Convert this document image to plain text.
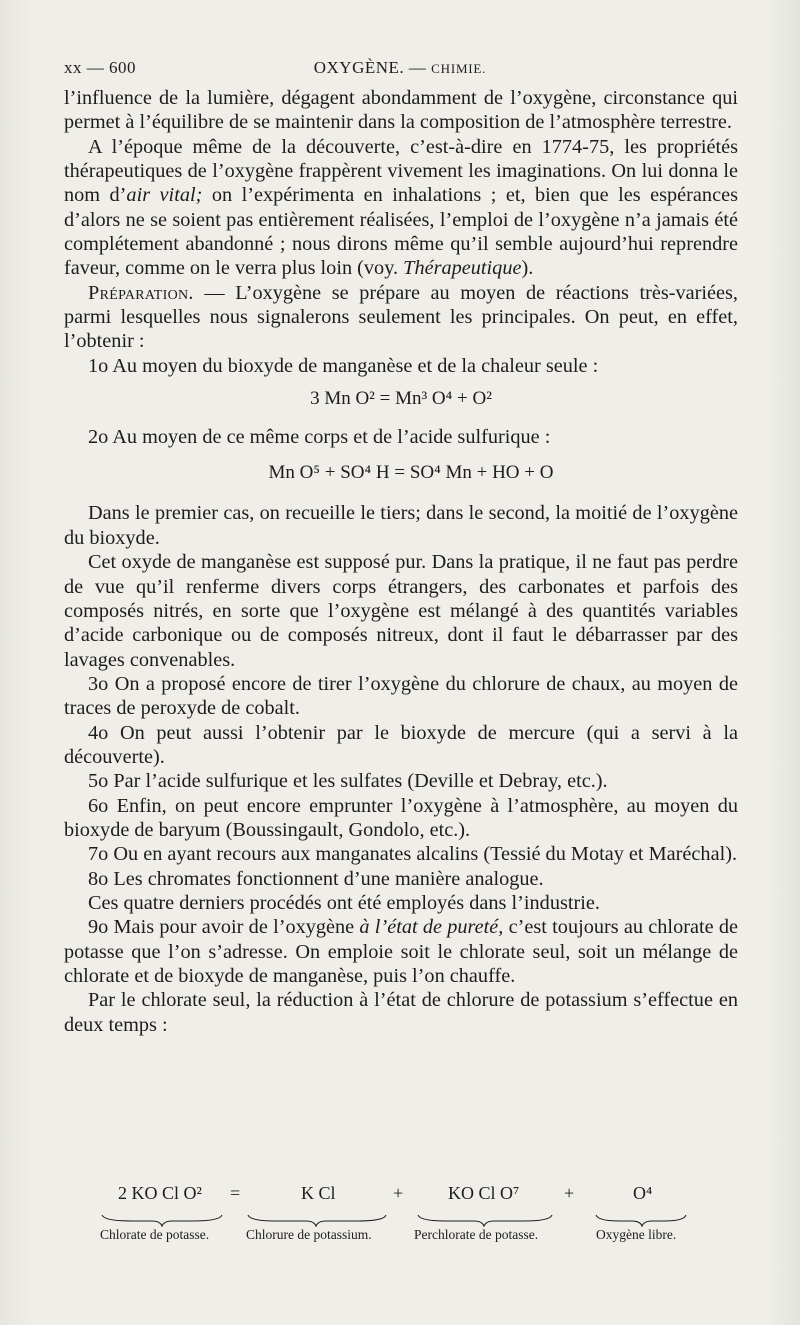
xx — 600	OXYGÈNE. — CHIMIE.

l’influence de la lumière, dégagent abondamment de l’oxygène, circonstance qui permet à l’équilibre de se maintenir dans la composition de l’atmosphère terrestre.

A l’époque même de la découverte, c’est-à-dire en 1774-75, les propriétés thérapeutiques de l’oxygène frappèrent vivement les imaginations. On lui donna le nom d’air vital; on l’expérimenta en inhalations ; et, bien que les espérances d’alors ne se soient pas entièrement réalisées, l’emploi de l’oxygène n’a jamais été complétement abandonné ; nous dirons même qu’il semble aujourd’hui reprendre faveur, comme on le verra plus loin (voy. Thérapeutique).

Préparation. — L’oxygène se prépare au moyen de réactions très-variées, parmi lesquelles nous signalerons seulement les principales. On peut, en effet, l’obtenir :

1o Au moyen du bioxyde de manganèse et de la chaleur seule :

3 Mn O² = Mn³ O⁴ + O²

2o Au moyen de ce même corps et de l’acide sulfurique :

Mn O⁵ + SO⁴ H = SO⁴ Mn + HO + O

Dans le premier cas, on recueille le tiers; dans le second, la moitié de l’oxygène du bioxyde.

Cet oxyde de manganèse est supposé pur. Dans la pratique, il ne faut pas perdre de vue qu’il renferme divers corps étrangers, des carbonates et parfois des composés nitrés, en sorte que l’oxygène est mélangé à des quantités variables d’acide carbonique ou de composés nitreux, dont il faut le débarrasser par des lavages convenables.

3o On a proposé encore de tirer l’oxygène du chlorure de chaux, au moyen de traces de peroxyde de cobalt.

4o On peut aussi l’obtenir par le bioxyde de mercure (qui a servi à la découverte).

5o Par l’acide sulfurique et les sulfates (Deville et Debray, etc.).

6o Enfin, on peut encore emprunter l’oxygène à l’atmosphère, au moyen du bioxyde de baryum (Boussingault, Gondolo, etc.).

7o Ou en ayant recours aux manganates alcalins (Tessié du Motay et Maréchal).

8o Les chromates fonctionnent d’une manière analogue.

Ces quatre derniers procédés ont été employés dans l’industrie.

9o Mais pour avoir de l’oxygène à l’état de pureté, c’est toujours au chlorate de potasse que l’on s’adresse. On emploie soit le chlorate seul, soit un mélange de chlorate et de bioxyde de manganèse, puis l’on chauffe.

Par le chlorate seul, la réduction à l’état de chlorure de potassium s’effectue en deux temps :

2 KO Cl O² =	K Cl	+ KO Cl O⁷ +	O⁴
Chlorate de potasse.	Chlorure de potassium.	Perchlorate de potasse.	Oxygène libre.
